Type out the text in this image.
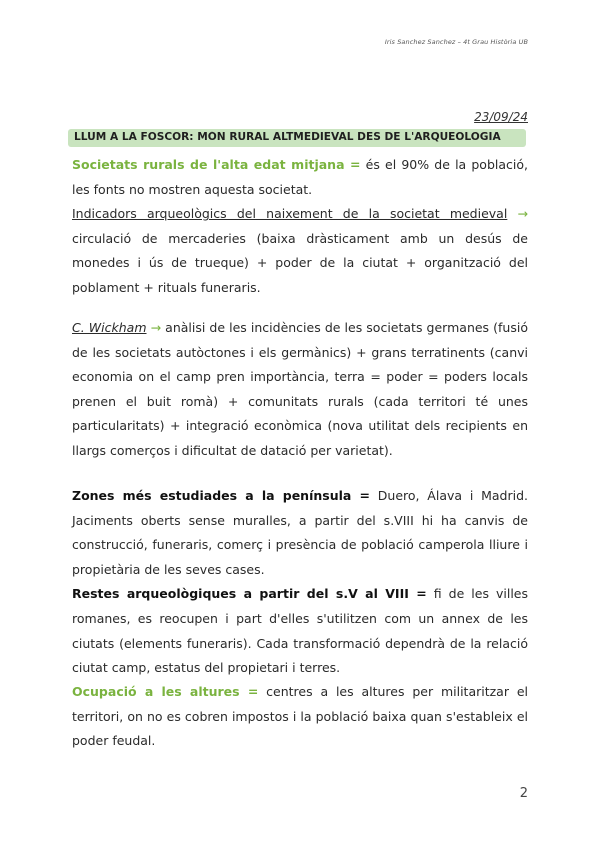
Iris Sanchez Sanchez – 4t Grau Història UB
23/09/24
LLUM A LA FOSCOR: MÓN RURAL ALTMEDIEVAL DES DE L'ARQUEOLOGIA

Societats rurals de l'alta edat mitjana = és el 90% de la població, les fonts no mostren aquesta societat.

Indicadors arqueològics del naixement de la societat medieval → circulació de mercaderies (baixa dràsticament amb un desús de monedes i ús de trueque) + poder de la ciutat + organització del poblament + rituals funeraris.

C. Wickham → anàlisi de les incidències de les societats germanes (fusió de les societats autòctones i els germànics) + grans terratinents (canvi economia on el camp pren importància, terra = poder = poders locals prenen el buit romà) + comunitats rurals (cada territori té unes particularitats) + integració econòmica (nova utilitat dels recipients en llargs comerços i dificultat de datació per varietat).

Zones més estudiades a la península = Duero, Álava i Madrid. Jaciments oberts sense muralles, a partir del s.VIII hi ha canvis de construcció, funeraris, comerç i presència de població camperola lliure i propietària de les seves cases.

Restes arqueològiques a partir del s.V al VIII = fi de les villes romanes, es reocupen i part d'elles s'utilitzen com un annex de les ciutats (elements funeraris). Cada transformació dependrà de la relació ciutat camp, estatus del propietari i terres.

Ocupació a les altures = centres a les altures per militaritzar el territori, on no es cobren impostos i la població baixa quan s'estableix el poder feudal.

2
